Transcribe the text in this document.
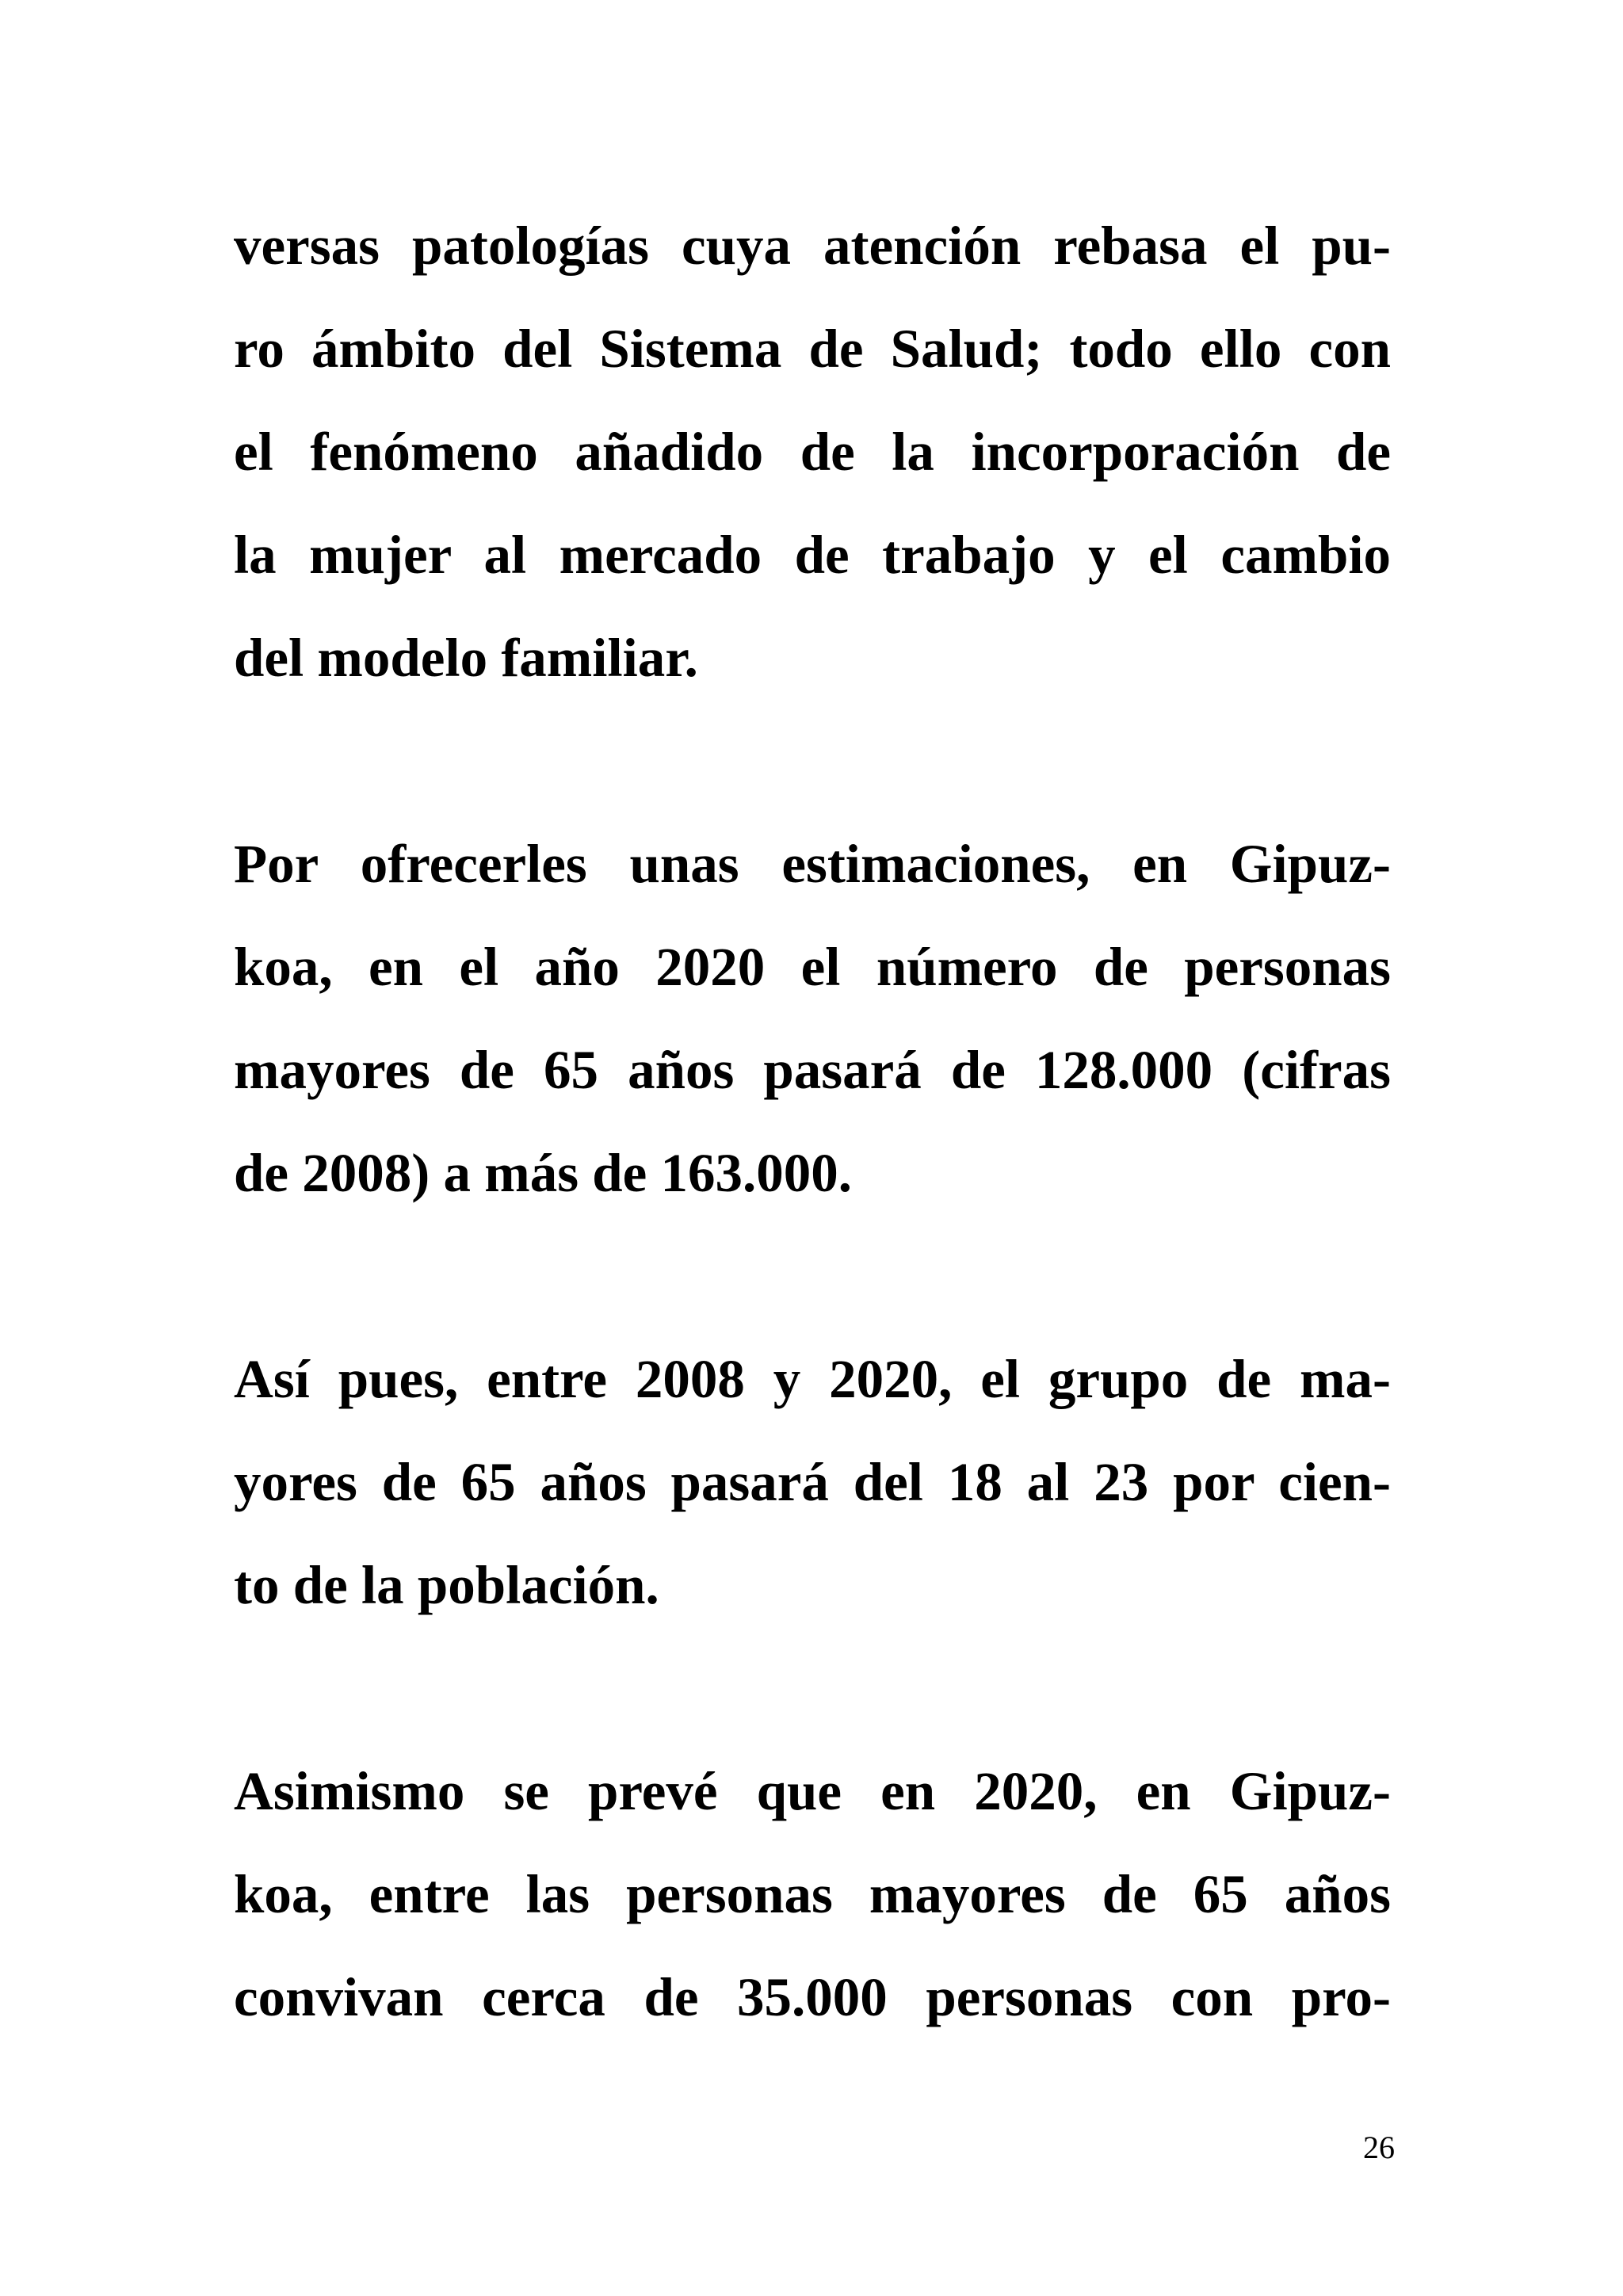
versas patologías cuya atención rebasa el pu-
ro ámbito del Sistema de Salud; todo ello con
el fenómeno añadido de la incorporación de
la mujer al mercado de trabajo y el cambio
del modelo familiar.
Por ofrecerles unas estimaciones, en Gipuz-
koa, en el año 2020 el número de personas
mayores de 65 años pasará de 128.000 (cifras
de 2008) a más de 163.000.
Así pues, entre 2008 y 2020, el grupo de ma-
yores de 65 años pasará del 18 al 23 por cien-
to de la población.
Asimismo se prevé que en 2020, en Gipuz-
koa, entre las personas mayores de 65 años
convivan cerca de 35.000 personas con pro-
26
